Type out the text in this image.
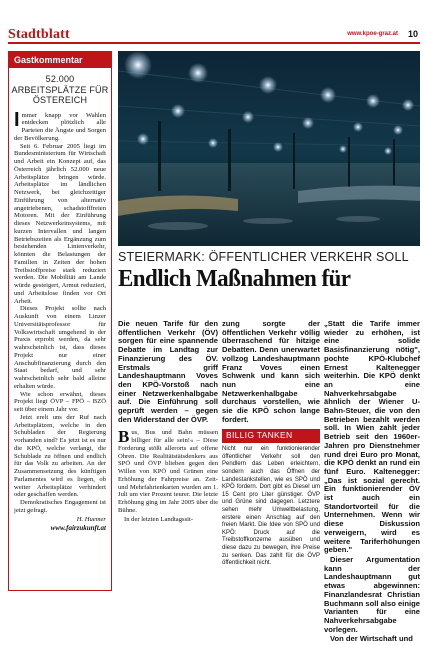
Stadtblatt	www.kpoe-graz.at 10
Gastkommentar
52.000
ARBEITSPLÄTZE FÜR
ÖSTEREICH

Immer knapp vor Wahlen entdecken plötzlich alle Parteien die Ängste und Sorgen der Bevölkerung.

Seit 6. Februar 2005 liegt im Bundesministerium für Wirtschaft und Arbeit ein Konzept auf, das Österreich jährlich 52.000 neue Arbeitsplätze bringen würde. Arbeitsplätze im ländlichen Netzwerk, bei gleichzeitiger Einführung von alternativ angetriebenen, schadstofffreien Motoren. Mit der Einführung dieses Netzwerkeinsystems, mit kurzen Intervallen und langen Betriebszeiten als Ergänzung zum bestehenden Linienverkehr, könnten die Belastungen der Familien in Zeiten der hohen Treibstoffpreise stark reduziert werden. Die Mobilität am Lande würde gesteigert, Armut reduziert, und Arbeitslose finden vor Ort Arbeit.

Dieses Projekt sollte nach Auskunft von einem Linzer Universitätsprofessor für Volkswirtschaft umgehend in der Praxis erprobt werden, da sehr wahrscheinlich ist, dass dieses Projekt nur einer Anschubfinanzierung durch den Staat bedarf, und sehr wahrscheinlich sehr bald alleine erhalten würde.

Wie schon erwähnt, dieses Projekt liegt ÖVP – FPÖ – BZÖ seit über einem Jahr vor.

Jetzt erelt uns der Ruf nach Arbeitsplätzen, welche in den Schubladen der Regierung vorhanden sind? Es jetzt ist es nur die KPÖ, welche verlangt, die Schublade zu öffnen und endlich für das Volk zu arbeiten. An der Zusammensetzung des künftigen Parlamentes wird es liegen, ob weiter Arbeitsplätze verhindert oder geschaffen werden.

Demokratisches Engagement ist jetzt gefragt.

H. Huemer
www.fairzukunft.at
STEIERMARK: ÖFFENTLICHER VERKEHR SOLL
Endlich Maßnahmen für

Die neuen Tarife für den öffentlichen Verkehr (ÖV) sorgen für eine spannende Debatte im Landtag zur Finanzierung des ÖV. Erstmals griff Landeshauptmann Voves den KPÖ-Vorstoß nach einer Netzwerkenhalbgabe auf. Die Einführung soll geprüft werden – gegen den Widerstand der ÖVP.

Bus, Bus und Bahn müssen billiger für alle sein!« – Diese Forderung stößt allerorts auf offene Ohren. Die Realitätstätsdenkers aus SPÖ und ÖVP blieben gegen den Willen von KPÖ und Grünen eine Erhöhung der Fahrpreise an. Zeit- und Mehrfahrtenkarten wurden am 1. Juli um vier Prozent teurer. Die letzte Erhöhung ging im Jahr 2005 über die Bühne.

In der letzten Landtagssit-

zung sorgte der öffentlichen Verkehr völlig überraschend für hitzige Debatten. Denn unerwartet vollzog Landeshauptmann Franz Voves einen Schwenk und kann sich nun eine Netzwerkenhalbgabe durchaus vorstellen, wie sie die KPÖ schon lange fordert.

BILLIG TANKEN
Nicht nur ein funktionierender öffentlicher Verkehr soll den Pendlern das Leben erleichtern, sondern auch das Öffnen der Landestankstellen, wie es SPÖ und KPÖ fordern. Dort gibt es Diesel um 15 Cent pro Liter günstiger. ÖVP und Grüne sind dagegen. Letztere sehen mehr Umweltbelastung, erstere einen Anschlag auf den freien Markt. Die Idee von SPÖ und KPÖ: Druck auf die Treibstoffkonzerne ausüben und diese dazu zu bewegen, ihre Preise zu senken. Das zahlt für die ÖVP öffentlichkeit nicht.

„Statt die Tarife immer wieder zu erhöhen, ist eine solide Basisfinanzierung nötig", pochte KPÖ-Klubchef Ernest Kaltenegger weiterhin. Die KPÖ denkt an eine Nahverkehrsabgabe ähnlich der Wiener U-Bahn-Steuer, die von den Betrieben bezahlt werden soll. In Wien zahlt jeder Betrieb seit den 1960er-Jahren pro Dienstnehmer rund drei Euro pro Monat, die KPÖ denkt an rund ein fünf Euro. Kaltenegger: „Das ist sozial gerecht. Ein funktionierender ÖV ist auch ein Standortvorteil für die Unternehmen. Wenn wir diese Diskussion verweigern, wird es weitere Tariferhöhungen geben."

Dieser Argumentation kann der Landeshauptmann gut etwas abgewinnen: Finanzlandesrat Christian Buchmann soll also einige Varianten für eine Nahverkehrsabgabe vorlegen.

Von der Wirtschaft und
